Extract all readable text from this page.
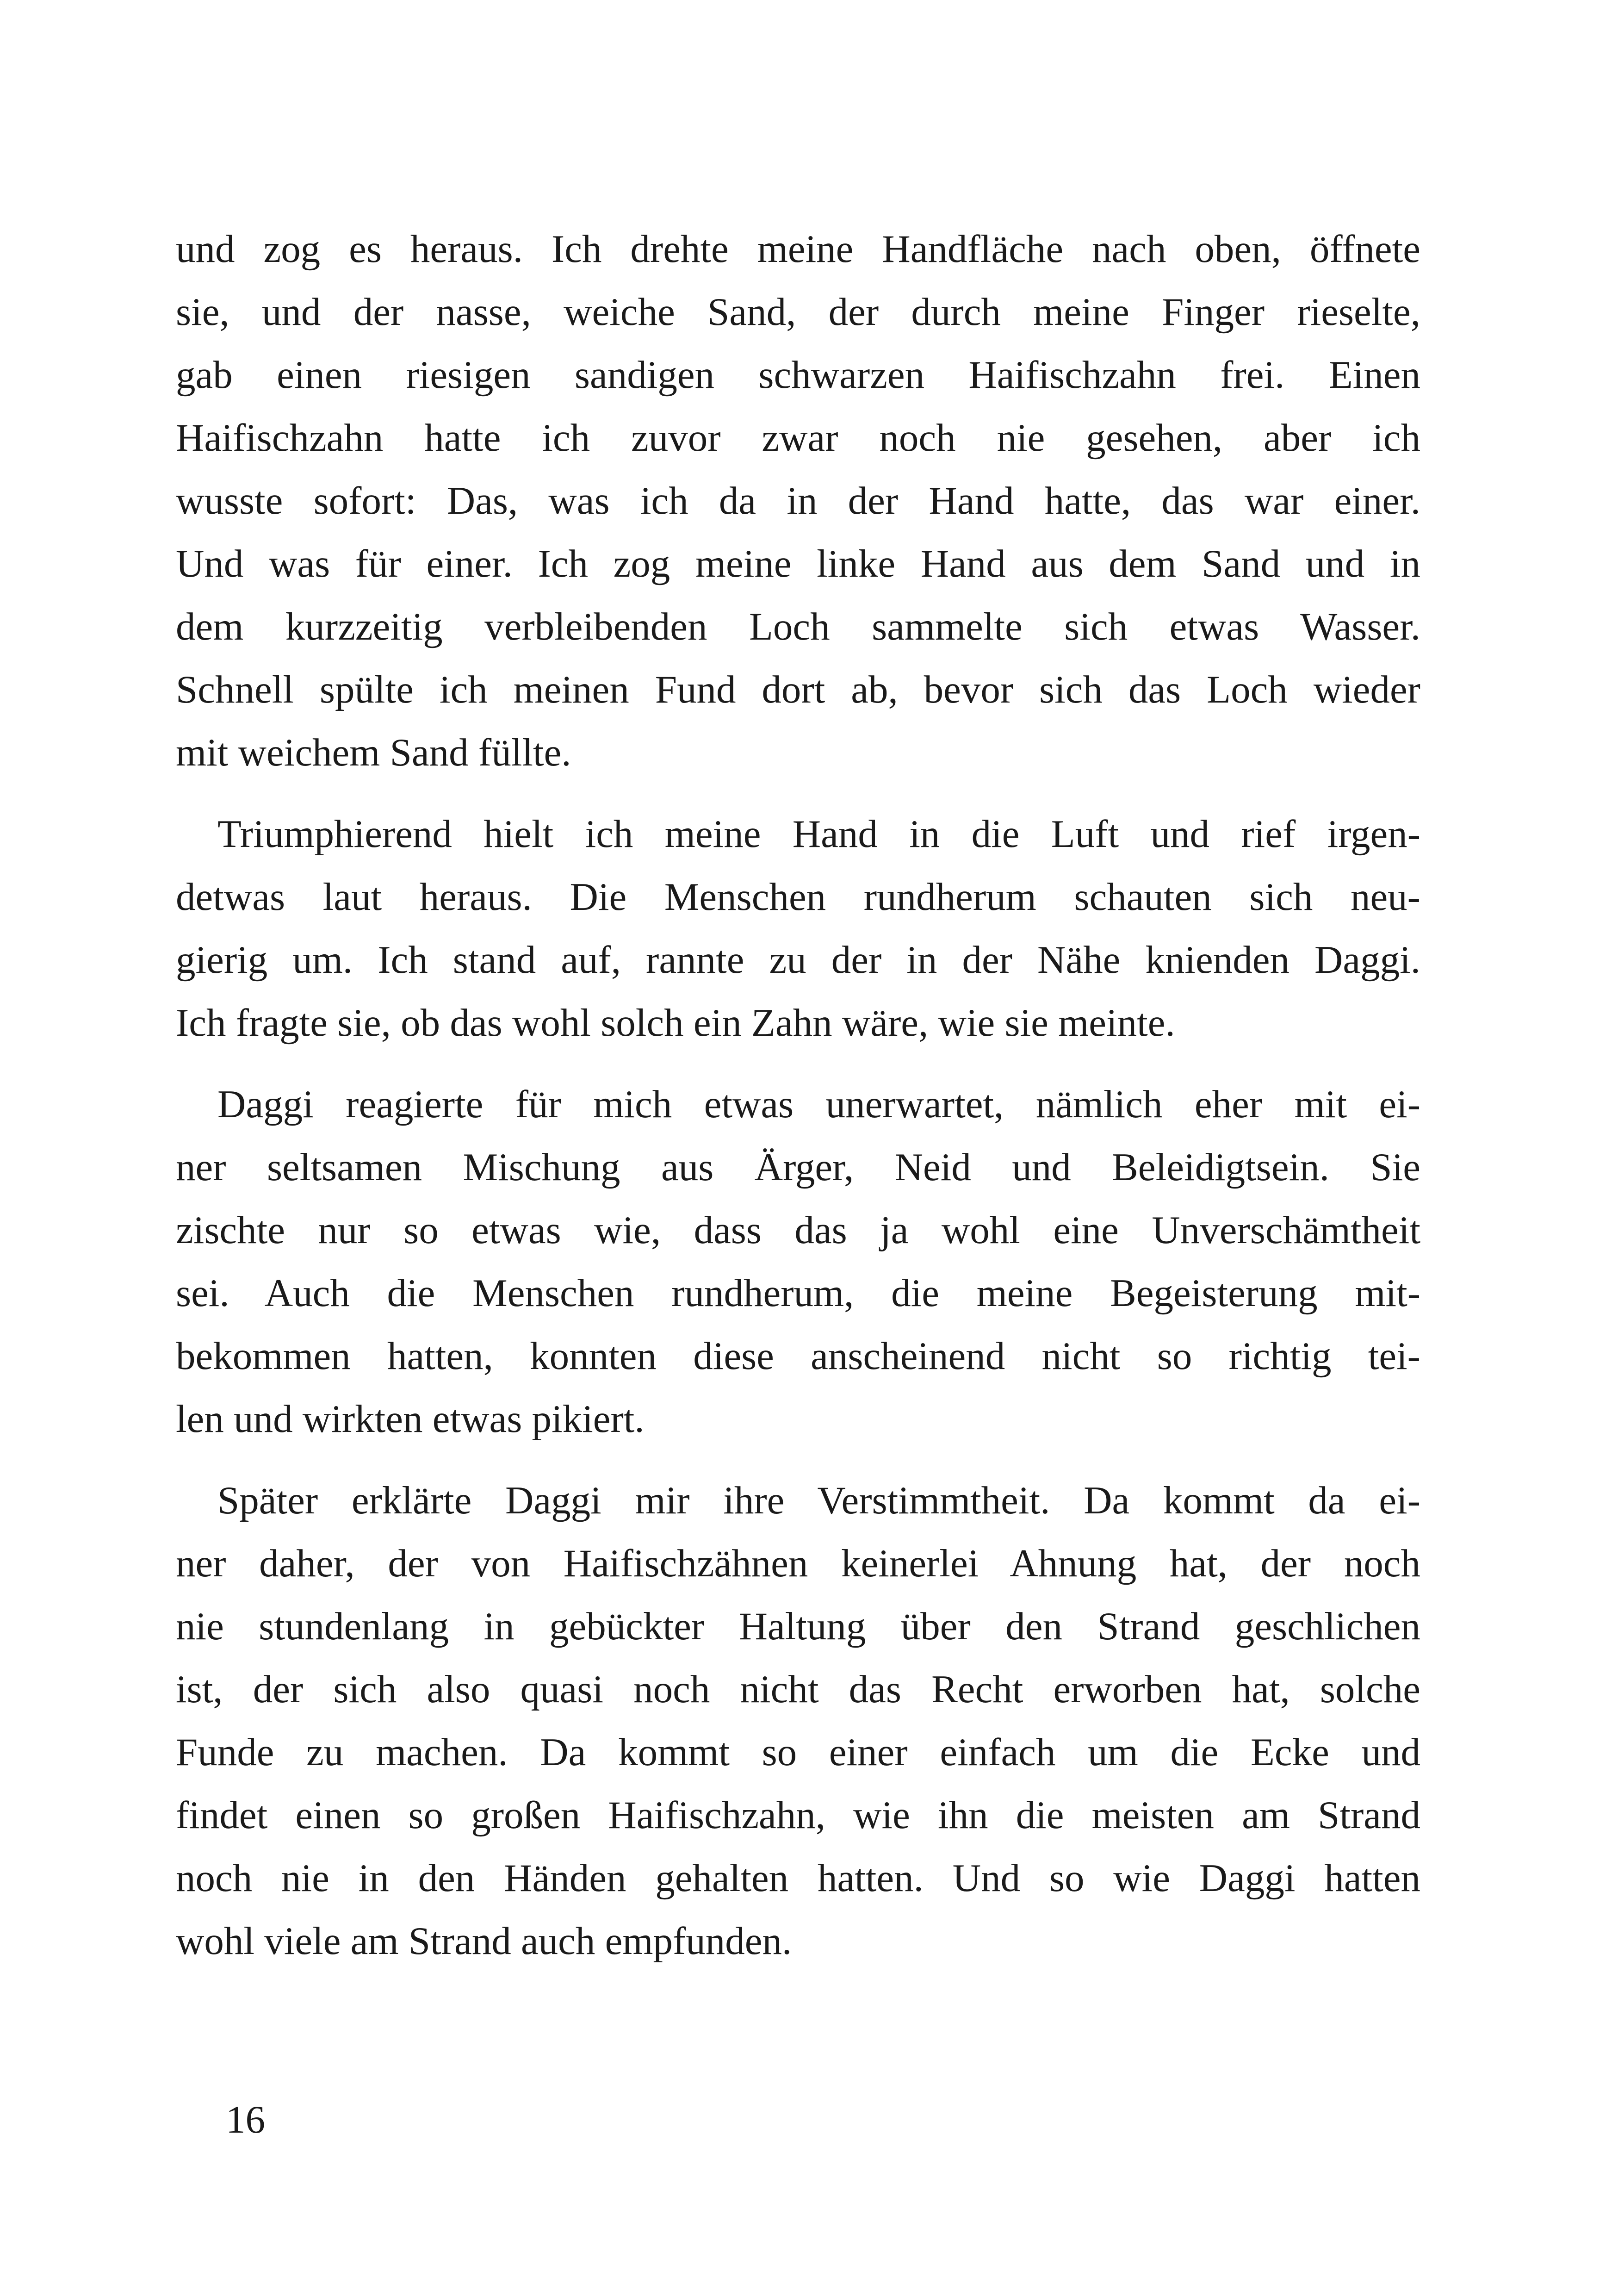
und zog es heraus. Ich drehte meine Handfläche nach oben, öffnete
sie, und der nasse, weiche Sand, der durch meine Finger rieselte,
gab einen riesigen sandigen schwarzen Haifischzahn frei. Einen
Haifischzahn hatte ich zuvor zwar noch nie gesehen, aber ich
wusste sofort: Das, was ich da in der Hand hatte, das war einer.
Und was für einer. Ich zog meine linke Hand aus dem Sand und in
dem kurzzeitig verbleibenden Loch sammelte sich etwas Wasser.
Schnell spülte ich meinen Fund dort ab, bevor sich das Loch wieder
mit weichem Sand füllte.
Triumphierend hielt ich meine Hand in die Luft und rief irgen-
detwas laut heraus. Die Menschen rundherum schauten sich neu-
gierig um. Ich stand auf, rannte zu der in der Nähe knienden Daggi.
Ich fragte sie, ob das wohl solch ein Zahn wäre, wie sie meinte.
Daggi reagierte für mich etwas unerwartet, nämlich eher mit ei-
ner seltsamen Mischung aus Ärger, Neid und Beleidigtsein. Sie
zischte nur so etwas wie, dass das ja wohl eine Unverschämtheit
sei. Auch die Menschen rundherum, die meine Begeisterung mit-
bekommen hatten, konnten diese anscheinend nicht so richtig tei-
len und wirkten etwas pikiert.
Später erklärte Daggi mir ihre Verstimmtheit. Da kommt da ei-
ner daher, der von Haifischzähnen keinerlei Ahnung hat, der noch
nie stundenlang in gebückter Haltung über den Strand geschlichen
ist, der sich also quasi noch nicht das Recht erworben hat, solche
Funde zu machen. Da kommt so einer einfach um die Ecke und
findet einen so großen Haifischzahn, wie ihn die meisten am Strand
noch nie in den Händen gehalten hatten. Und so wie Daggi hatten
wohl viele am Strand auch empfunden.
16
